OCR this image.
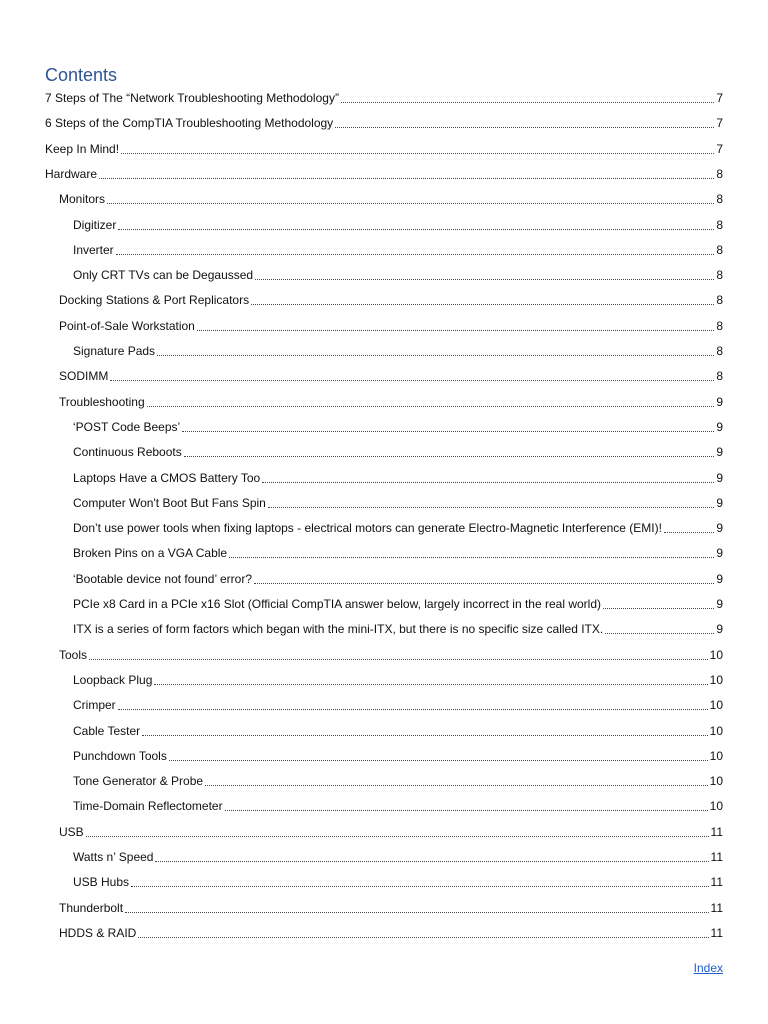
Contents
7 Steps of The “Network Troubleshooting Methodology”	7
6 Steps of the CompTIA Troubleshooting Methodology	7
Keep In Mind!	7
Hardware	8
Monitors	8
Digitizer	8
Inverter	8
Only CRT TVs can be Degaussed	8
Docking Stations & Port Replicators	8
Point-of-Sale Workstation	8
Signature Pads	8
SODIMM	8
Troubleshooting	9
‘POST Code Beeps’	9
Continuous Reboots	9
Laptops Have a CMOS Battery Too	9
Computer Won't Boot But Fans Spin	9
Don’t use power tools when fixing laptops - electrical motors can generate Electro-Magnetic Interference (EMI)!	9
Broken Pins on a VGA Cable	9
‘Bootable device not found’ error?	9
PCIe x8 Card in a PCIe x16 Slot (Official CompTIA answer below, largely incorrect in the real world)	9
ITX is a series of form factors which began with the mini-ITX, but there is no specific size called ITX.	9
Tools	10
Loopback Plug	10
Crimper	10
Cable Tester	10
Punchdown Tools	10
Tone Generator & Probe	10
Time-Domain Reflectometer	10
USB	11
Watts n’ Speed	11
USB Hubs	11
Thunderbolt	11
HDDS & RAID	11
Index
